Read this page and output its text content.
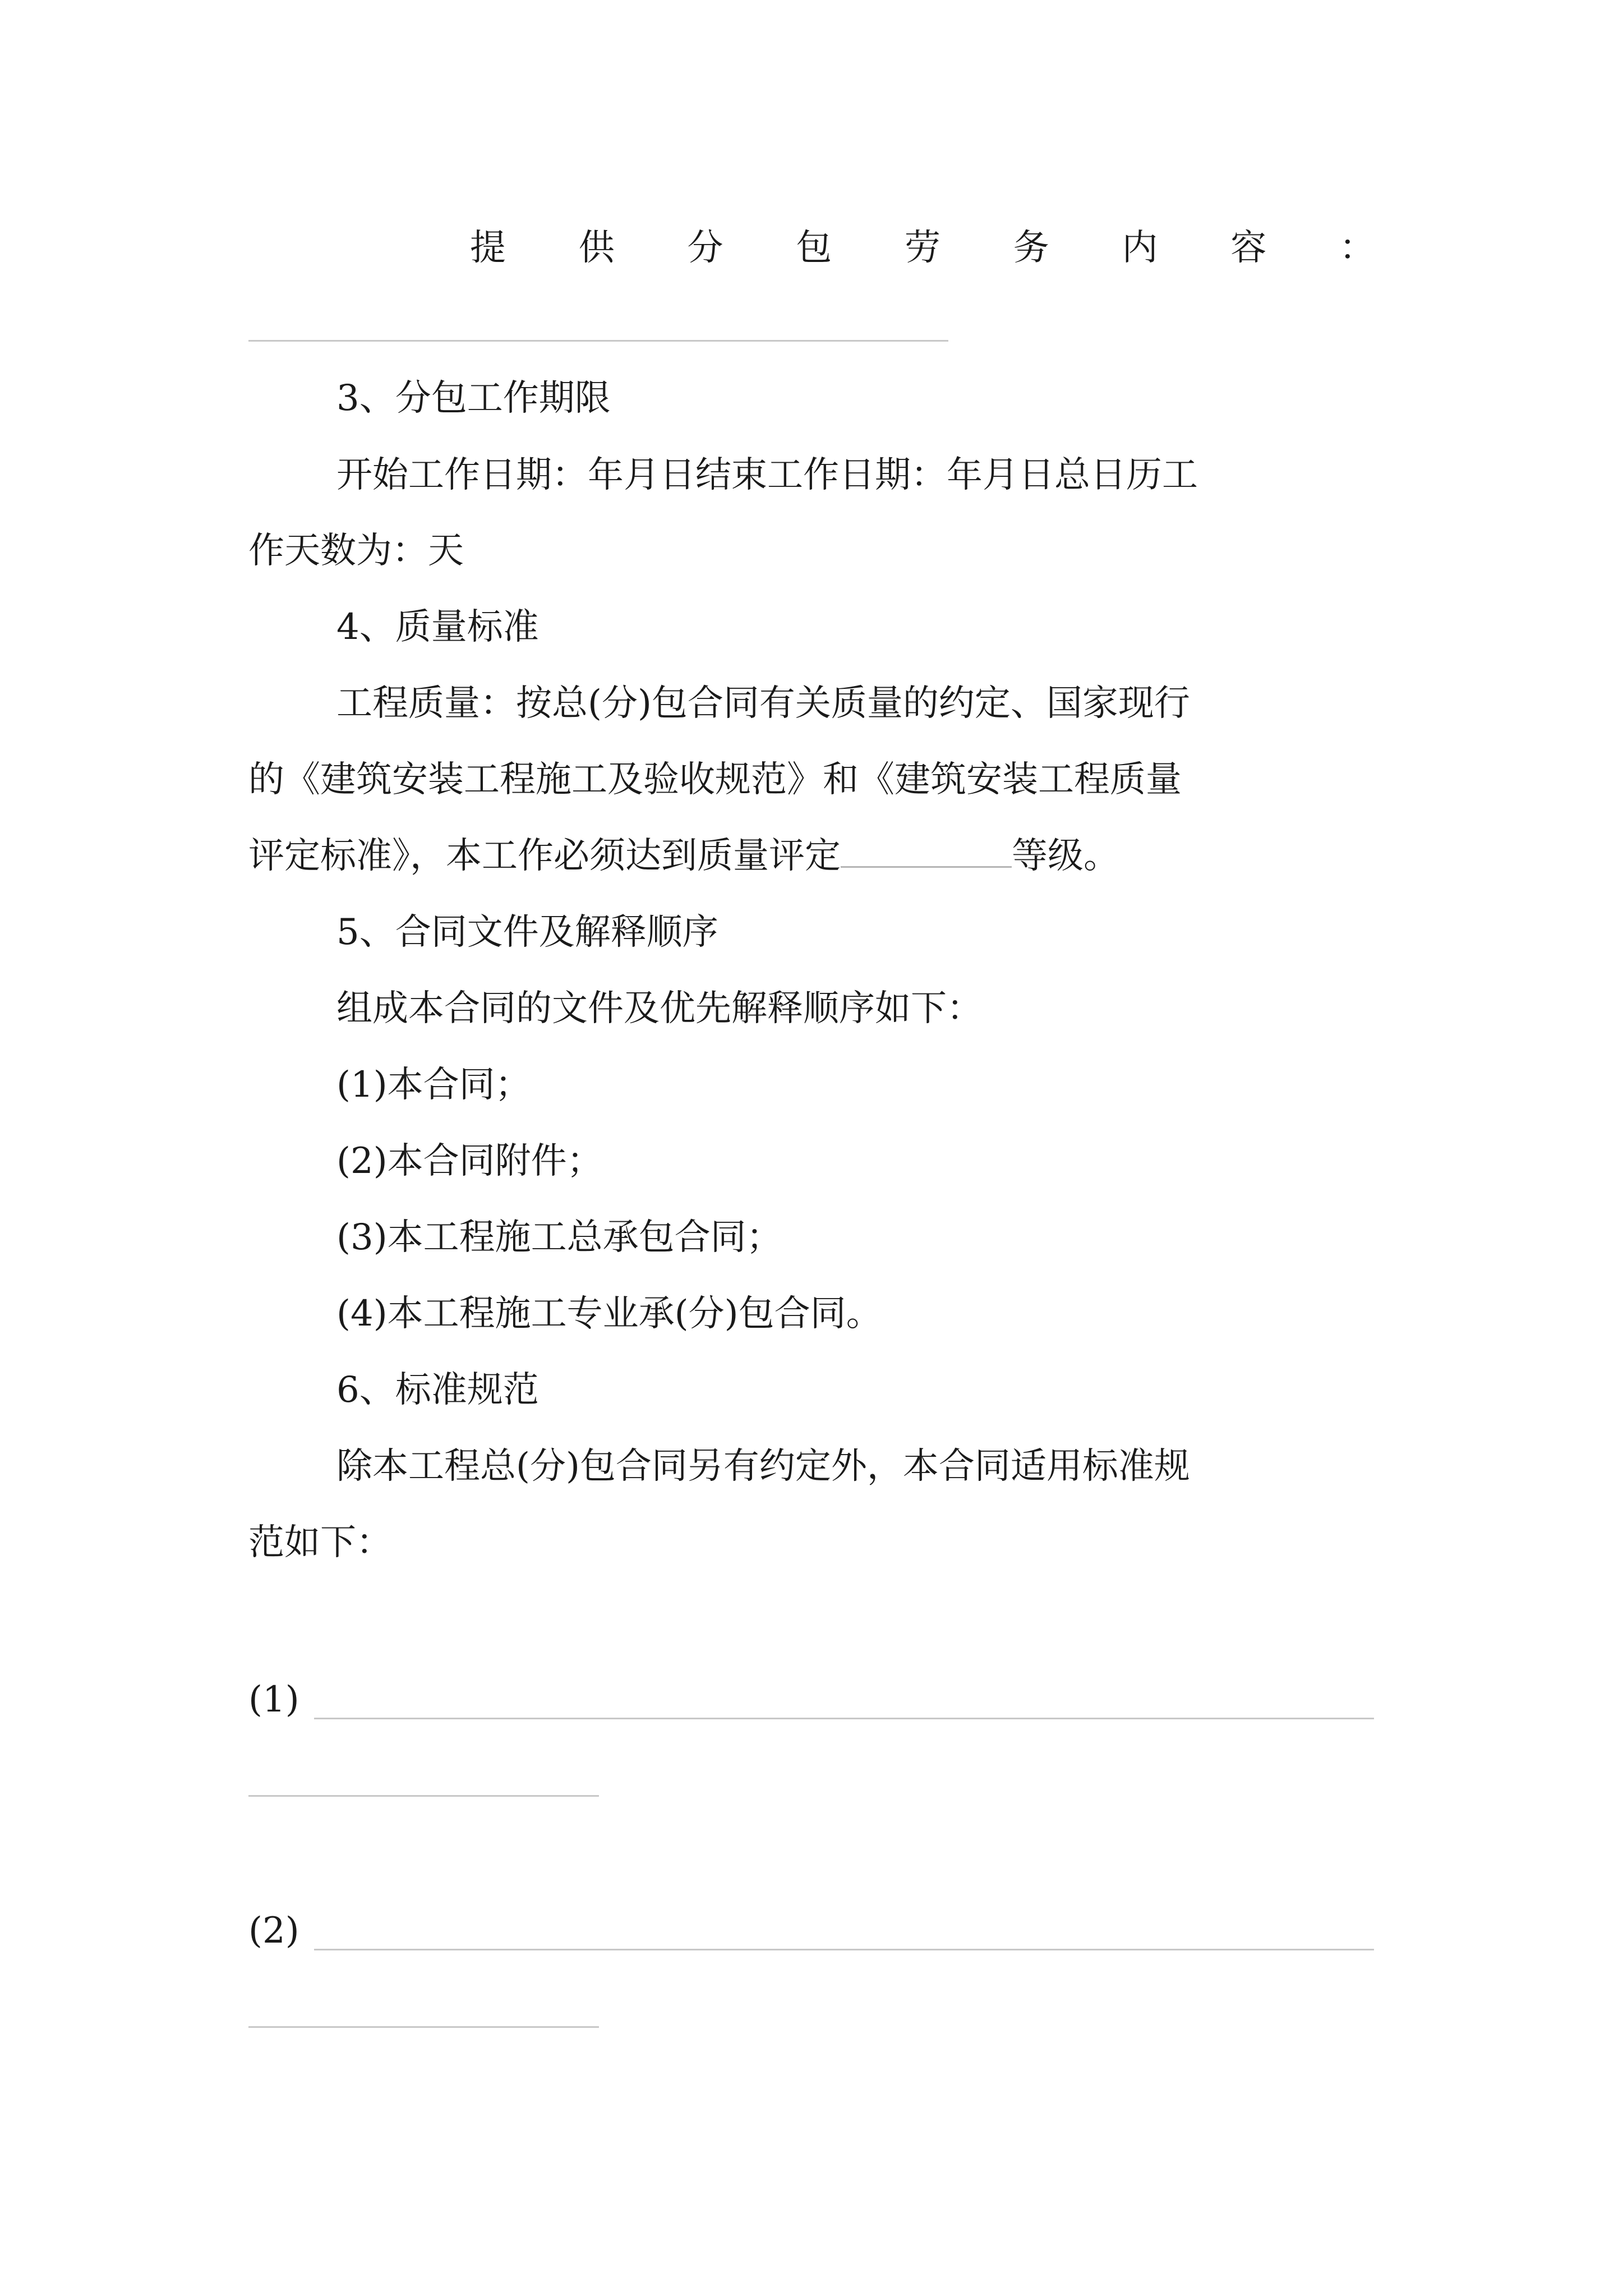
提 供 分 包 劳 务 内 容 ：
3、分包工作期限
开始工作日期：年月日结束工作日期：年月日总日历工
作天数为：天
4、质量标准
工程质量：按总(分)包合同有关质量的约定、国家现行
的《建筑安装工程施工及验收规范》和《建筑安装工程质量
评定标准》，本工作必须达到质量评定	等级。
5、合同文件及解释顺序
组成本合同的文件及优先解释顺序如下：
(1)本合同；
(2)本合同附件；
(3)本工程施工总承包合同；
(4)本工程施工专业承(分)包合同。
6、标准规范
除本工程总(分)包合同另有约定外，本合同适用标准规
范如下：
(1)
(2)
